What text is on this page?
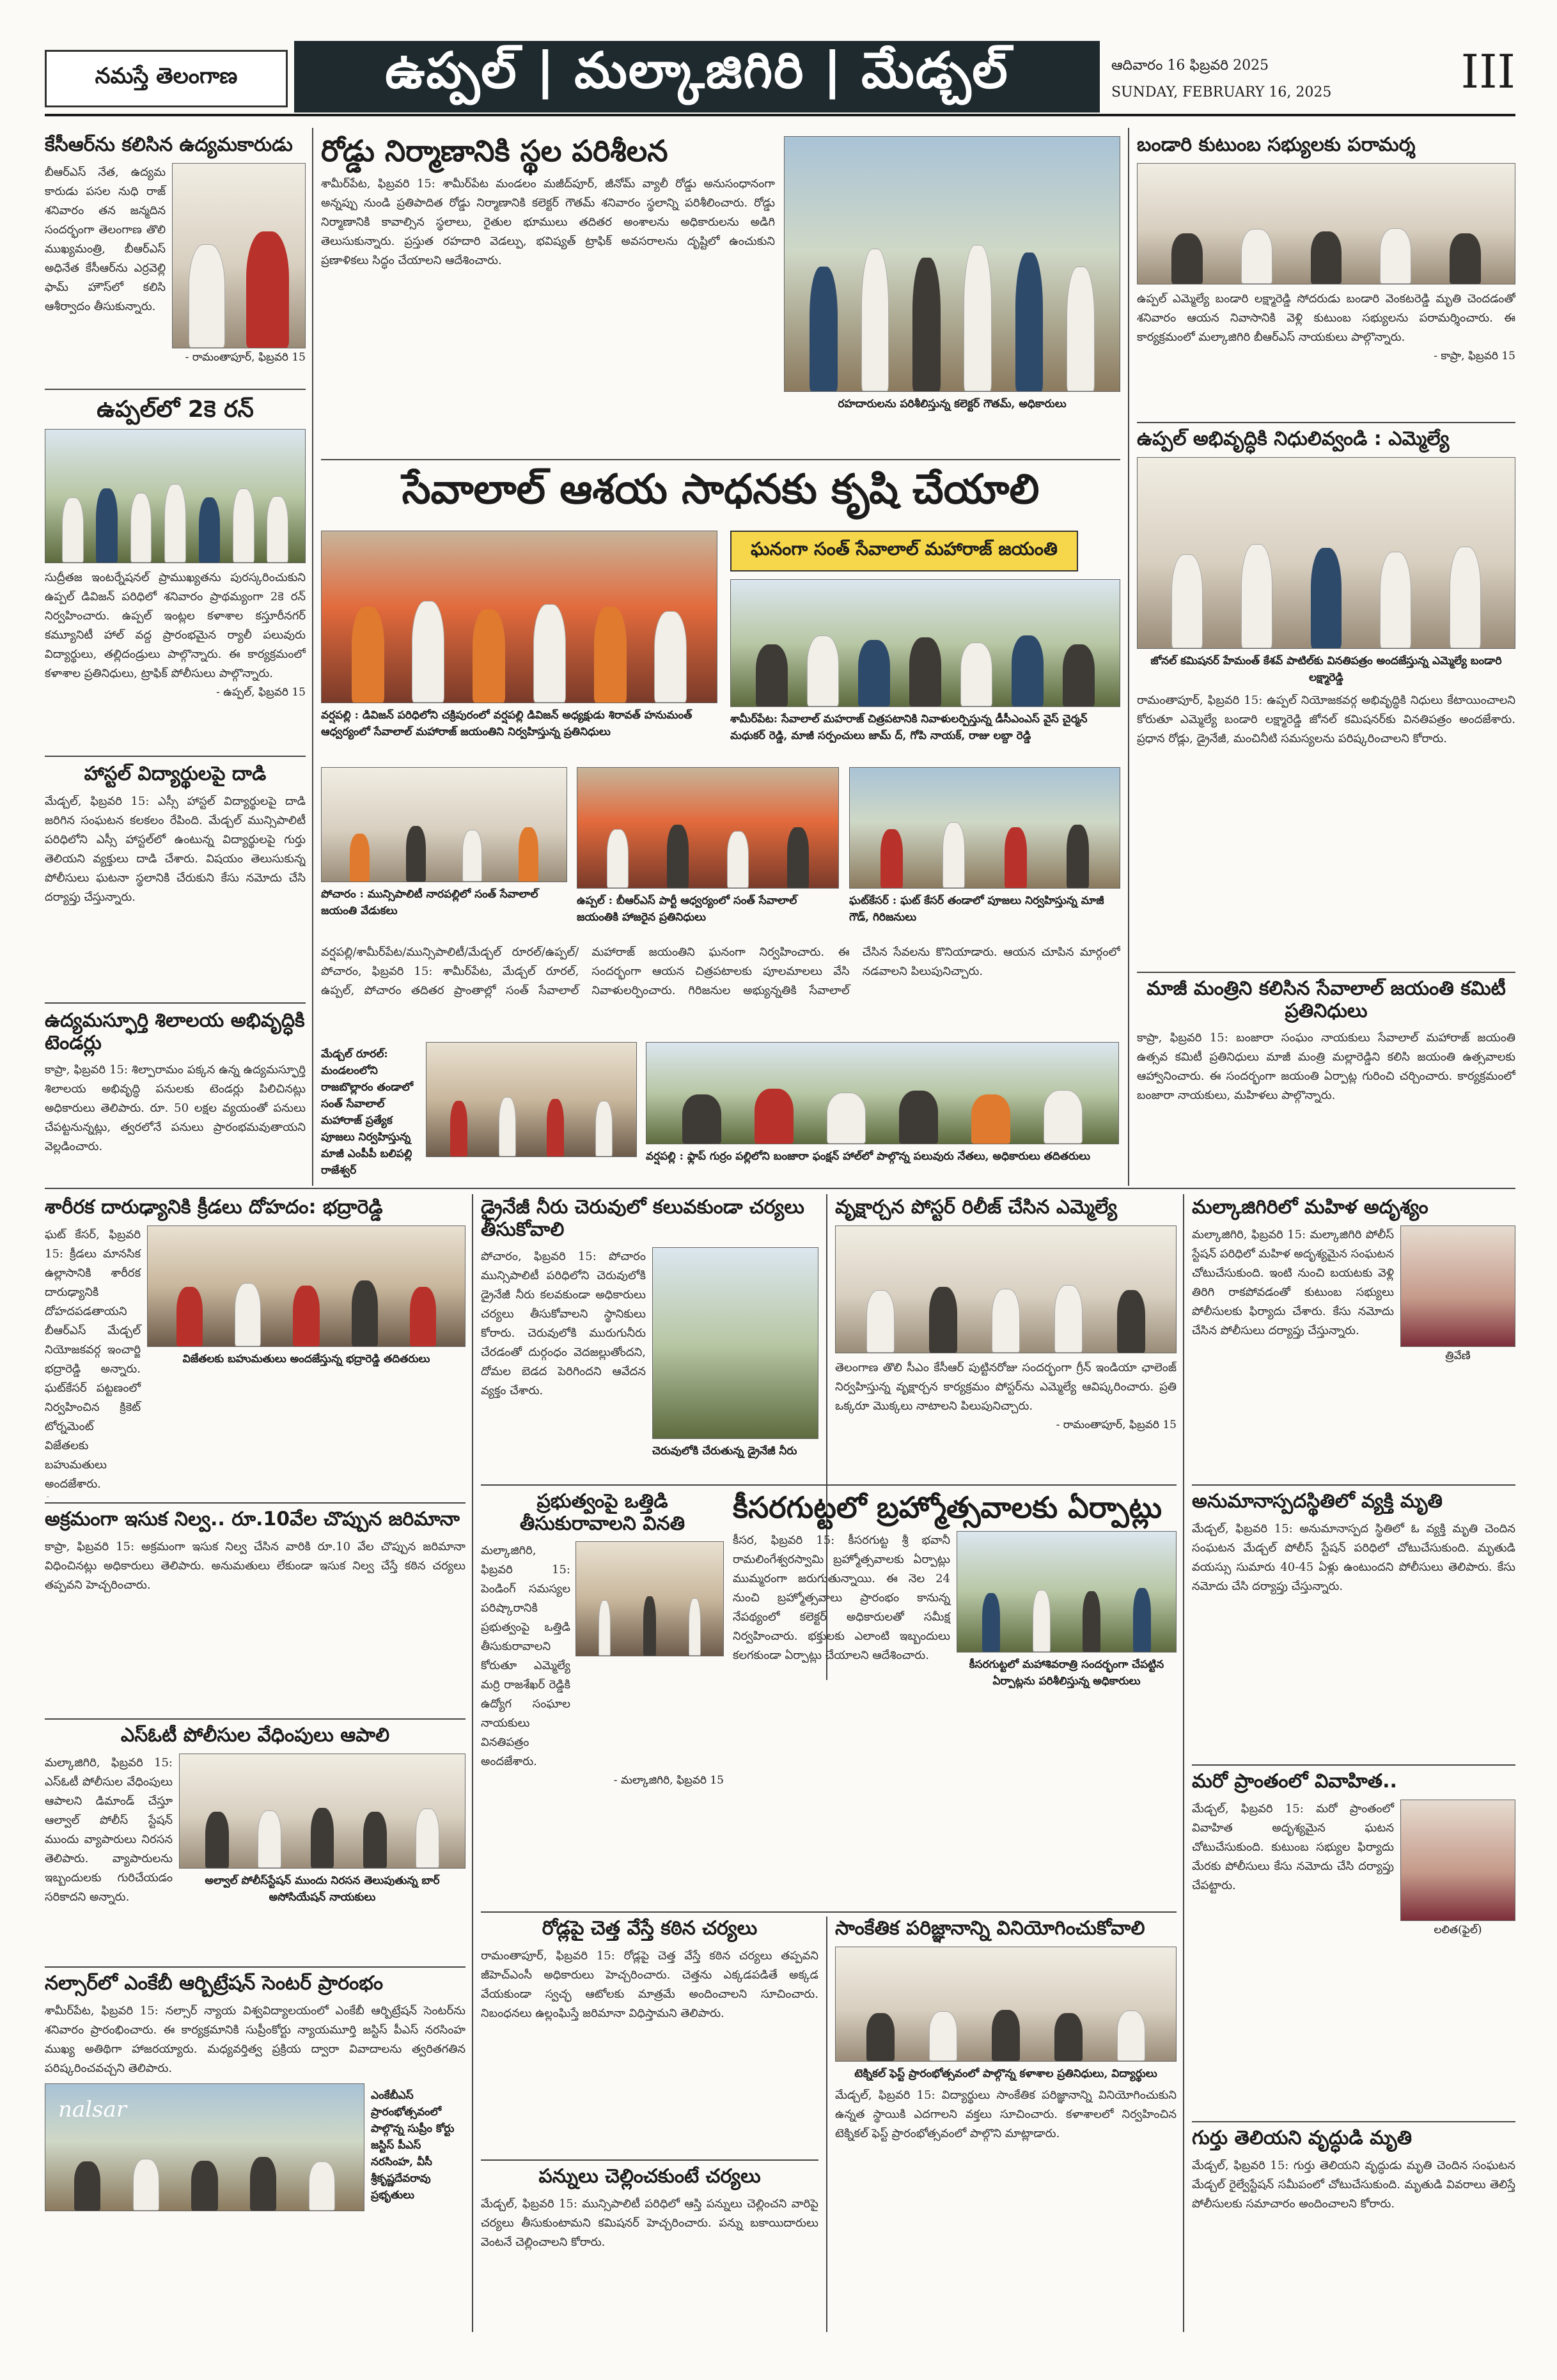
నమస్తే తెలంగాణ	ఉప్పల్ | మల్కాజిగిరి | మేడ్చల్	ఆదివారం 16 ఫిబ్రవరి 2025
SUNDAY, FEBRUARY 16, 2025	III
కేసీఆర్‌ను కలిసిన ఉద్యమకారుడు
బీఆర్ఎస్ నేత, ఉద్యమ కారుడు పసల నుధి రాజ్ శనివారం తన జన్మదిన సందర్భంగా తెలంగాణ తొలి ముఖ్యమంత్రి, బీఆర్ఎస్ అధినేత కేసీఆర్‌ను ఎర్రవెల్లి ఫామ్ హౌస్‌లో కలిసి ఆశీర్వాదం తీసుకున్నారు.
- రామంతాపూర్, ఫిబ్రవరి 15
ఉప్పల్‌లో 2కె రన్
సుద్రీతజ ఇంటర్నేషనల్ ప్రాముఖ్యతను పురస్కరించుకుని ఉప్పల్ డివిజన్ పరిధిలో శనివారం ప్రాథమ్యంగా 2కె రన్ నిర్వహించారు. ఉప్పల్ ఇంట్లల కళాశాల కస్తూరీనగర్ కమ్యూనిటీ హాల్ వద్ద ప్రారంభమైన ర్యాలీ పలువురు విద్యార్థులు, తల్లిదండ్రులు పాల్గొన్నారు. ఈ కార్యక్రమంలో కళాశాల ప్రతినిధులు, ట్రాఫిక్ పోలీసులు పాల్గొన్నారు.
- ఉప్పల్, ఫిబ్రవరి 15
హాస్టల్ విద్యార్థులపై దాడి
మేడ్చల్, ఫిబ్రవరి 15: ఎస్సీ హాస్టల్ విద్యార్థులపై దాడి జరిగిన సంఘటన కలకలం రేపింది. మేడ్చల్ మున్సిపాలిటీ పరిధిలోని ఎస్సీ హాస్టల్‌లో ఉంటున్న విద్యార్థులపై గుర్తు తెలియని వ్యక్తులు దాడి చేశారు. విషయం తెలుసుకున్న పోలీసులు ఘటనా స్థలానికి చేరుకుని కేసు నమోదు చేసి దర్యాప్తు చేస్తున్నారు.
ఉద్యమస్ఫూర్తి శిలాలయ అభివృద్ధికి టెండర్లు
కాప్రా, ఫిబ్రవరి 15: శిల్పారామం పక్కన ఉన్న ఉద్యమస్ఫూర్తి శిలాలయ అభివృద్ధి పనులకు టెండర్లు పిలిచినట్లు అధికారులు తెలిపారు. రూ. 50 లక్షల వ్యయంతో పనులు చేపట్టనున్నట్లు, త్వరలోనే పనులు ప్రారంభమవుతాయని వెల్లడించారు.
రోడ్డు నిర్మాణానికి స్థల పరిశీలన
శామీర్‌పేట, ఫిబ్రవరి 15: శామీర్‌పేట మండలం మజీద్‌పూర్, జీనోమ్ వ్యాలీ రోడ్డు అనుసంధానంగా అన్నప్పు నుండి ప్రతిపాదిత రోడ్డు నిర్మాణానికి కలెక్టర్ గౌతమ్ శనివారం స్థలాన్ని పరిశీలించారు. రోడ్డు నిర్మాణానికి కావాల్సిన స్థలాలు, రైతుల భూములు తదితర అంశాలను అధికారులను అడిగి తెలుసుకున్నారు. ప్రస్తుత రహదారి వెడల్పు, భవిష్యత్ ట్రాఫిక్ అవసరాలను దృష్టిలో ఉంచుకుని ప్రణాళికలు సిద్ధం చేయాలని ఆదేశించారు.
రహదారులను పరిశీలిస్తున్న కలెక్టర్ గౌతమ్, అధికారులు
సేవాలాల్ ఆశయ సాధనకు కృషి చేయాలి
వర్షపల్లి : డివిజన్ పరిధిలోని చక్రిపురంలో వర్షపల్లి డివిజన్ అధ్యక్షుడు శిరావత్ హనుమంత్ ఆధ్వర్యంలో సేవాలాల్ మహారాజ్ జయంతిని నిర్వహిస్తున్న ప్రతినిధులు
ఘనంగా సంత్ సేవాలాల్ మహారాజ్ జయంతి
శామీర్‌పేట: సేవాలాల్ మహరాజ్ చిత్రపటానికి నివాళులర్పిస్తున్న డీసీఎంఎస్ వైస్ చైర్మన్ మధుకర్ రెడ్డి, మాజీ సర్పంచులు జామ్ ద్, గోపి నాయక్, రాజు లబ్దా రెడ్డి
పోచారం : మున్సిపాలిటీ నారపల్లిలో సంత్ సేవాలాల్ జయంతి వేడుకలు
ఉప్పల్ : బీఆర్ఎస్ పార్టీ ఆధ్వర్యంలో సంత్ సేవాలాల్ జయంతికి హాజరైన ప్రతినిధులు
ఘట్‌కేసర్ : ఘట్ కేసర్ తండాలో పూజలు నిర్వహిస్తున్న మాజీ గౌడ్, గిరిజనులు
వర్షపల్లి/శామీర్‌పేట/మున్సిపాలిటీ/మేడ్చల్ రూరల్/ఉప్పల్/పోచారం, ఫిబ్రవరి 15: శామీర్‌పేట, మేడ్చల్ రూరల్, ఉప్పల్, పోచారం తదితర ప్రాంతాల్లో సంత్ సేవాలాల్ మహారాజ్ జయంతిని ఘనంగా నిర్వహించారు. ఈ సందర్భంగా ఆయన చిత్రపటాలకు పూలమాలలు వేసి నివాళులర్పించారు. గిరిజనుల అభ్యున్నతికి సేవాలాల్ చేసిన సేవలను కొనియాడారు. ఆయన చూపిన మార్గంలో నడవాలని పిలుపునిచ్చారు.
మేడ్చల్ రూరల్: మండలంలోని రాజబొల్లారం తండాలో సంత్ సేవాలాల్ మహారాజ్ ప్రత్యేక పూజలు నిర్వహిస్తున్న మాజీ ఎంపీపీ బలిపల్లి రాజేశ్వర్
వర్షపల్లి : ఫ్లాప్ గుర్రం పల్లిలోని బంజారా ఫంక్షన్ హాల్‌లో పాల్గొన్న పలువురు నేతలు, అధికారులు తదితరులు
బండారి కుటుంబ సభ్యులకు పరామర్శ
ఉప్పల్ ఎమ్మెల్యే బండారి లక్ష్మారెడ్డి సోదరుడు బండారి వెంకటరెడ్డి మృతి చెందడంతో శనివారం ఆయన నివాసానికి వెళ్లి కుటుంబ సభ్యులను పరామర్శించారు. ఈ కార్యక్రమంలో మల్కాజిగిరి బీఆర్ఎస్ నాయకులు పాల్గొన్నారు.
- కాప్రా, ఫిబ్రవరి 15
ఉప్పల్ అభివృద్ధికి నిధులివ్వండి : ఎమ్మెల్యే
జోనల్ కమిషనర్ హేమంత్ కేశవ్ పాటిల్‌కు వినతిపత్రం అందజేస్తున్న ఎమ్మెల్యే బండారి లక్ష్మారెడ్డి
రామంతాపూర్, ఫిబ్రవరి 15: ఉప్పల్ నియోజకవర్గ అభివృద్ధికి నిధులు కేటాయించాలని కోరుతూ ఎమ్మెల్యే బండారి లక్ష్మారెడ్డి జోనల్ కమిషనర్‌కు వినతిపత్రం అందజేశారు. ప్రధాన రోడ్లు, డ్రైనేజీ, మంచినీటి సమస్యలను పరిష్కరించాలని కోరారు.
మాజీ మంత్రిని కలిసిన సేవాలాల్ జయంతి కమిటీ ప్రతినిధులు
కాప్రా, ఫిబ్రవరి 15: బంజారా సంఘం నాయకులు సేవాలాల్ మహారాజ్ జయంతి ఉత్సవ కమిటీ ప్రతినిధులు మాజీ మంత్రి మల్లారెడ్డిని కలిసి జయంతి ఉత్సవాలకు ఆహ్వానించారు. ఈ సందర్భంగా జయంతి ఏర్పాట్ల గురించి చర్చించారు. కార్యక్రమంలో బంజారా నాయకులు, మహిళలు పాల్గొన్నారు.
శారీరక దారుఢ్యానికి క్రీడలు దోహదం: భద్రారెడ్డి
ఘట్ కేసర్, ఫిబ్రవరి 15: క్రీడలు మానసిక ఉల్లాసానికి శారీరక దారుఢ్యానికి దోహదపడతాయని బీఆర్ఎస్ మేడ్చల్ నియోజకవర్గ ఇంచార్జి భద్రారెడ్డి అన్నారు. ఘట్‌కేసర్ పట్టణంలో నిర్వహించిన క్రికెట్ టోర్నమెంట్ విజేతలకు బహుమతులు అందజేశారు.
విజేతలకు బహుమతులు అందజేస్తున్న భద్రారెడ్డి తదితరులు
అక్రమంగా ఇసుక నిల్వ.. రూ.10వేల చొప్పున జరిమానా
కాప్రా, ఫిబ్రవరి 15: అక్రమంగా ఇసుక నిల్వ చేసిన వారికి రూ.10 వేల చొప్పున జరిమానా విధించినట్లు అధికారులు తెలిపారు. అనుమతులు లేకుండా ఇసుక నిల్వ చేస్తే కఠిన చర్యలు తప్పవని హెచ్చరించారు.
ఎస్ఓటీ పోలీసుల వేధింపులు ఆపాలి
మల్కాజిగిరి, ఫిబ్రవరి 15: ఎస్ఓటీ పోలీసుల వేధింపులు ఆపాలని డిమాండ్ చేస్తూ ఆల్వాల్ పోలీస్ స్టేషన్ ముందు వ్యాపారులు నిరసన తెలిపారు. వ్యాపారులను ఇబ్బందులకు గురిచేయడం సరికాదని అన్నారు.
అల్వాల్ పోలీస్‌స్టేషన్ ముందు నిరసన తెలుపుతున్న బార్ అసోసియేషన్ నాయకులు
నల్సార్‌లో ఎంకేబీ ఆర్బిట్రేషన్ సెంటర్ ప్రారంభం
శామీర్‌పేట, ఫిబ్రవరి 15: నల్సార్ న్యాయ విశ్వవిద్యాలయంలో ఎంకేబీ ఆర్బిట్రేషన్ సెంటర్‌ను శనివారం ప్రారంభించారు. ఈ కార్యక్రమానికి సుప్రీంకోర్టు న్యాయమూర్తి జస్టిస్ పీఎస్ నరసింహ ముఖ్య అతిథిగా హాజరయ్యారు. మధ్యవర్తిత్వ ప్రక్రియ ద్వారా వివాదాలను త్వరితగతిన పరిష్కరించవచ్చని తెలిపారు.
nalsar
ఎంకేబీఎస్ ప్రారంభోత్సవంలో పాల్గొన్న సుప్రీం కోర్టు జస్టిస్ పీఎస్ నరసింహ, వీసీ శ్రీకృష్ణదేవరావు ప్రభృతులు
డ్రైనేజీ నీరు చెరువులో కలువకుండా చర్యలు తీసుకోవాలి
పోచారం, ఫిబ్రవరి 15: పోచారం మున్సిపాలిటీ పరిధిలోని చెరువులోకి డ్రైనేజీ నీరు కలవకుండా అధికారులు చర్యలు తీసుకోవాలని స్థానికులు కోరారు. చెరువులోకి మురుగునీరు చేరడంతో దుర్గంధం వెదజల్లుతోందని, దోమల బెడద పెరిగిందని ఆవేదన వ్యక్తం చేశారు.
చెరువులోకి చేరుతున్న డ్రైనేజీ నీరు
వృక్షార్చన పోస్టర్ రిలీజ్ చేసిన ఎమ్మెల్యే
తెలంగాణ తొలి సీఎం కేసీఆర్ పుట్టినరోజు సందర్భంగా గ్రీన్ ఇండియా ఛాలెంజ్ నిర్వహిస్తున్న వృక్షార్చన కార్యక్రమం పోస్టర్‌ను ఎమ్మెల్యే ఆవిష్కరించారు. ప్రతి ఒక్కరూ మొక్కలు నాటాలని పిలుపునిచ్చారు.
- రామంతాపూర్, ఫిబ్రవరి 15
ప్రభుత్వంపై ఒత్తిడి తీసుకురావాలని వినతి
మల్కాజిగిరి, ఫిబ్రవరి 15: పెండింగ్ సమస్యల పరిష్కారానికి ప్రభుత్వంపై ఒత్తిడి తీసుకురావాలని కోరుతూ ఎమ్మెల్యే మర్రి రాజశేఖర్ రెడ్డికి ఉద్యోగ సంఘాల నాయకులు వినతిపత్రం అందజేశారు.
- మల్కాజిగిరి, ఫిబ్రవరి 15
కీసరగుట్టలో బ్రహ్మోత్సవాలకు ఏర్పాట్లు
కీసర, ఫిబ్రవరి 15: కీసరగుట్ట శ్రీ భవానీ రామలింగేశ్వరస్వామి బ్రహ్మోత్సవాలకు ఏర్పాట్లు ముమ్మరంగా జరుగుతున్నాయి. ఈ నెల 24 నుంచి బ్రహ్మోత్సవాలు ప్రారంభం కానున్న నేపథ్యంలో కలెక్టర్ అధికారులతో సమీక్ష నిర్వహించారు. భక్తులకు ఎలాంటి ఇబ్బందులు కలగకుండా ఏర్పాట్లు చేయాలని ఆదేశించారు.
కీసరగుట్టలో మహాశివరాత్రి సందర్భంగా చేపట్టిన ఏర్పాట్లను పరిశీలిస్తున్న అధికారులు
రోడ్లపై చెత్త వేస్తే కఠిన చర్యలు
రామంతాపూర్, ఫిబ్రవరి 15: రోడ్లపై చెత్త వేస్తే కఠిన చర్యలు తప్పవని జీహెచ్ఎంసీ అధికారులు హెచ్చరించారు. చెత్తను ఎక్కడపడితే అక్కడ వేయకుండా స్వచ్ఛ ఆటోలకు మాత్రమే అందించాలని సూచించారు. నిబంధనలు ఉల్లంఘిస్తే జరిమానా విధిస్తామని తెలిపారు.
పన్నులు చెల్లించకుంటే చర్యలు
మేడ్చల్, ఫిబ్రవరి 15: మున్సిపాలిటీ పరిధిలో ఆస్తి పన్నులు చెల్లించని వారిపై చర్యలు తీసుకుంటామని కమిషనర్ హెచ్చరించారు. పన్ను బకాయిదారులు వెంటనే చెల్లించాలని కోరారు.
సాంకేతిక పరిజ్ఞానాన్ని వినియోగించుకోవాలి
టెక్నికల్ ఫెస్ట్ ప్రారంభోత్సవంలో పాల్గొన్న కళాశాల ప్రతినిధులు, విద్యార్థులు
మేడ్చల్, ఫిబ్రవరి 15: విద్యార్థులు సాంకేతిక పరిజ్ఞానాన్ని వినియోగించుకుని ఉన్నత స్థాయికి ఎదగాలని వక్తలు సూచించారు. కళాశాలలో నిర్వహించిన టెక్నికల్ ఫెస్ట్ ప్రారంభోత్సవంలో పాల్గొని మాట్లాడారు.
మల్కాజిగిరిలో మహిళ అదృశ్యం
మల్కాజిగిరి, ఫిబ్రవరి 15: మల్కాజిగిరి పోలీస్ స్టేషన్ పరిధిలో మహిళ అదృశ్యమైన సంఘటన చోటుచేసుకుంది. ఇంటి నుంచి బయటకు వెళ్లి తిరిగి రాకపోవడంతో కుటుంబ సభ్యులు పోలీసులకు ఫిర్యాదు చేశారు. కేసు నమోదు చేసిన పోలీసులు దర్యాప్తు చేస్తున్నారు.
త్రివేణి
అనుమానాస్పదస్థితిలో వ్యక్తి మృతి
మేడ్చల్, ఫిబ్రవరి 15: అనుమానాస్పద స్థితిలో ఓ వ్యక్తి మృతి చెందిన సంఘటన మేడ్చల్ పోలీస్ స్టేషన్ పరిధిలో చోటుచేసుకుంది. మృతుడి వయస్సు సుమారు 40-45 ఏళ్లు ఉంటుందని పోలీసులు తెలిపారు. కేసు నమోదు చేసి దర్యాప్తు చేస్తున్నారు.
మరో ప్రాంతంలో వివాహిత..
మేడ్చల్, ఫిబ్రవరి 15: మరో ప్రాంతంలో వివాహిత అదృశ్యమైన ఘటన చోటుచేసుకుంది. కుటుంబ సభ్యుల ఫిర్యాదు మేరకు పోలీసులు కేసు నమోదు చేసి దర్యాప్తు చేపట్టారు.
లలిత(ఫైల్)
గుర్తు తెలియని వృద్ధుడి మృతి
మేడ్చల్, ఫిబ్రవరి 15: గుర్తు తెలియని వృద్ధుడు మృతి చెందిన సంఘటన మేడ్చల్ రైల్వేస్టేషన్ సమీపంలో చోటుచేసుకుంది. మృతుడి వివరాలు తెలిస్తే పోలీసులకు సమాచారం అందించాలని కోరారు.
